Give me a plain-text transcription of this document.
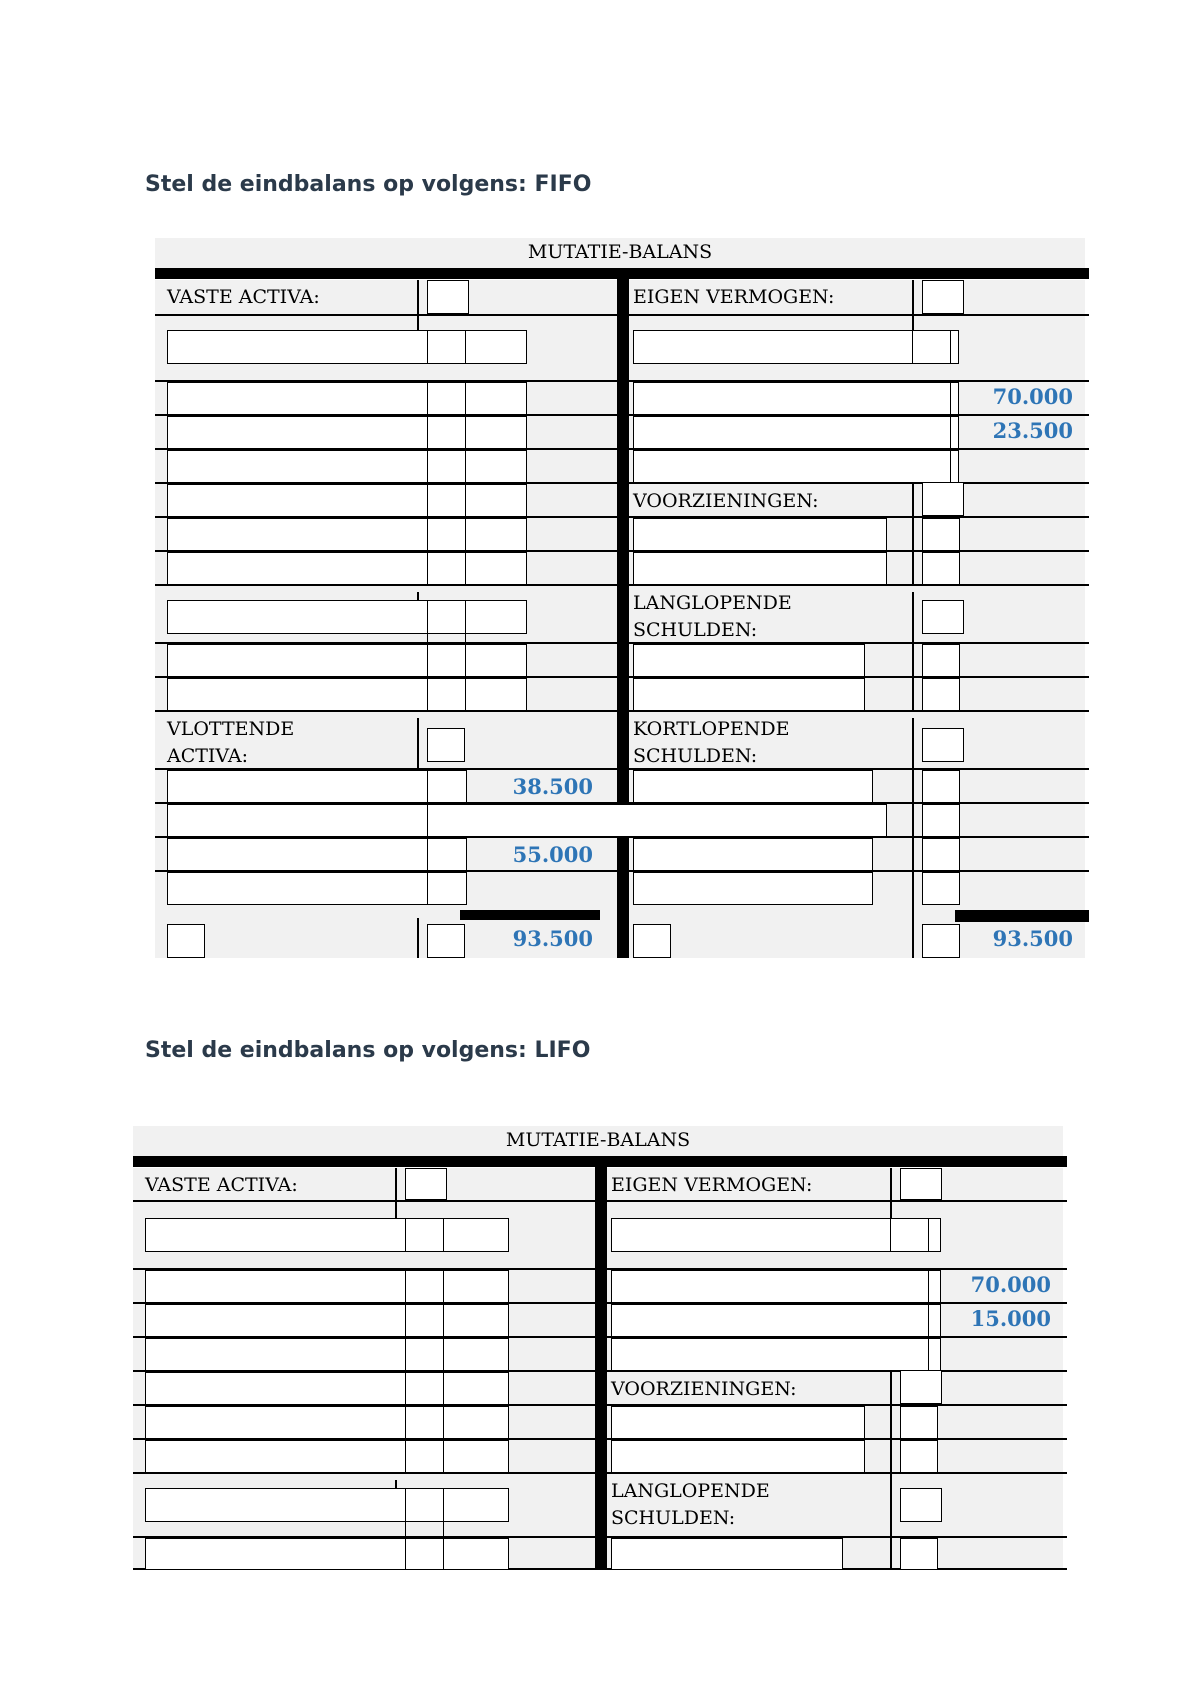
Stel de eindbalans op volgens: FIFO
MUTATIE-BALANS
VASTE ACTIVA:
VLOTTENDE
ACTIVA:
38.500
55.000
93.500
EIGEN VERMOGEN:
70.000
23.500
VOORZIENINGEN:
LANGLOPENDE
SCHULDEN:
KORTLOPENDE
SCHULDEN:
93.500
Stel de eindbalans op volgens: LIFO
MUTATIE-BALANS
VASTE ACTIVA:	EIGEN VERMOGEN:
70.000
15.000
VOORZIENINGEN:
LANGLOPENDE
SCHULDEN:
